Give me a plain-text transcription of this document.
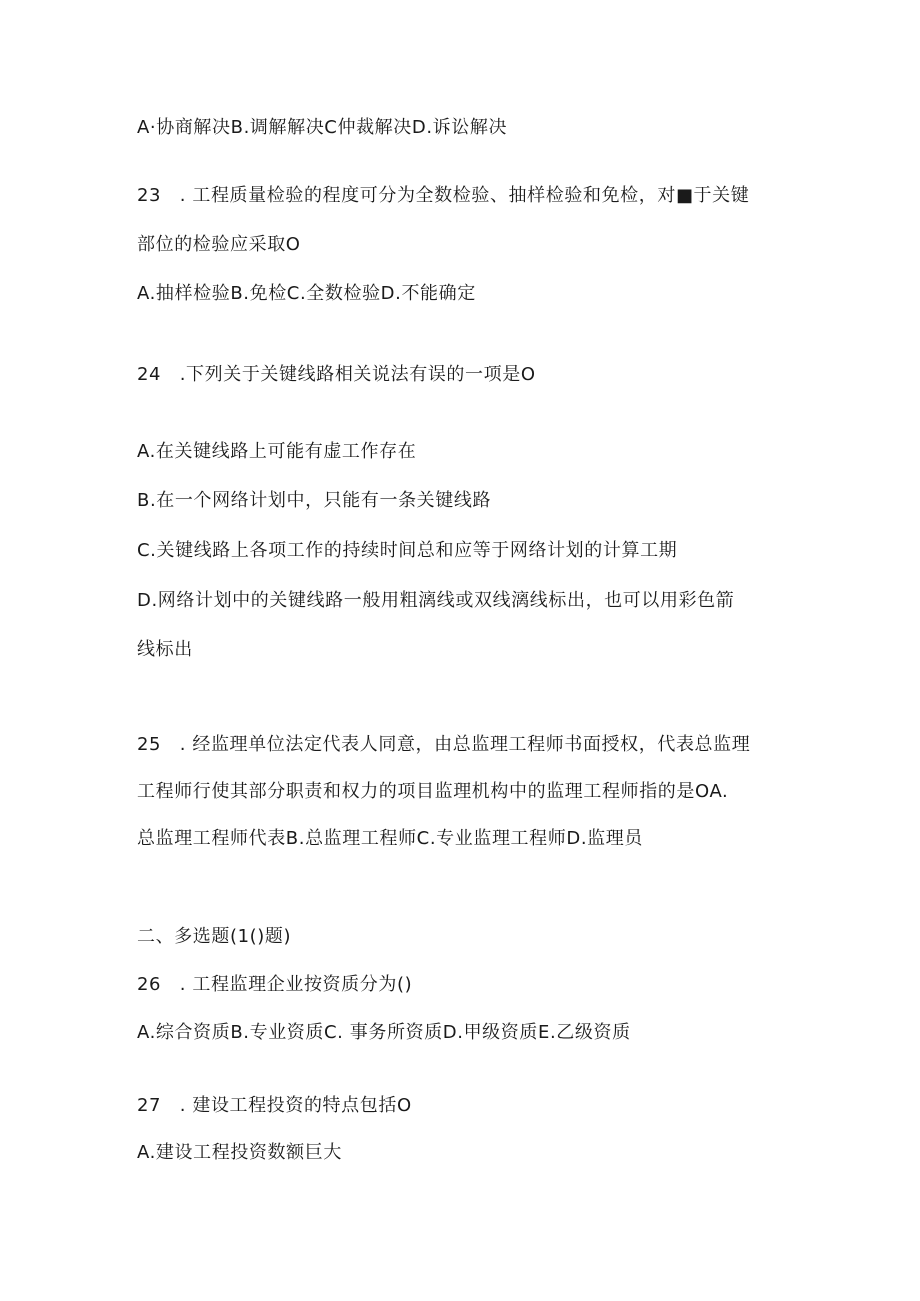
A·协商解决B.调解解决C仲裁解决D.诉讼解决
23　. 工程质量检验的程度可分为全数检验、抽样检验和免检，对■于关键
部位的检验应采取O
A.抽样检验B.免检C.全数检验D.不能确定
24　.下列关于关键线路相关说法有误的一项是O
A.在关键线路上可能有虚工作存在
B.在一个网络计划中，只能有一条关键线路
C.关键线路上各项工作的持续时间总和应等于网络计划的计算工期
D.网络计划中的关键线路一般用粗漓线或双线漓线标出，也可以用彩色箭
线标出
25　. 经监理单位法定代表人同意，由总监理工程师书面授权，代表总监理
工程师行使其部分职责和权力的项目监理机构中的监理工程师指的是OA.
总监理工程师代表B.总监理工程师C.专业监理工程师D.监理员
二、多选题(1()题)
26　. 工程监理企业按资质分为()
A.综合资质B.专业资质C. 事务所资质D.甲级资质E.乙级资质
27　. 建设工程投资的特点包括O
A.建设工程投资数额巨大
